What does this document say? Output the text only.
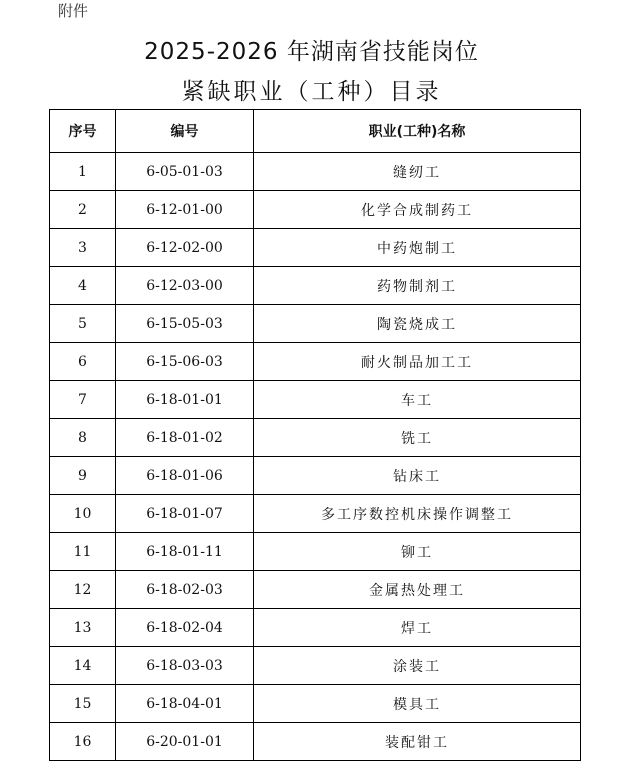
附件
2025-2026 年湖南省技能岗位
紧缺职业（工种）目录
序号	编号	职业(工种)名称
1	6-05-01-03	缝纫工
2	6-12-01-00	化学合成制药工
3	6-12-02-00	中药炮制工
4	6-12-03-00	药物制剂工
5	6-15-05-03	陶瓷烧成工
6	6-15-06-03	耐火制品加工工
7	6-18-01-01	车工
8	6-18-01-02	铣工
9	6-18-01-06	钻床工
10	6-18-01-07	多工序数控机床操作调整工
11	6-18-01-11	铆工
12	6-18-02-03	金属热处理工
13	6-18-02-04	焊工
14	6-18-03-03	涂装工
15	6-18-04-01	模具工
16	6-20-01-01	装配钳工
